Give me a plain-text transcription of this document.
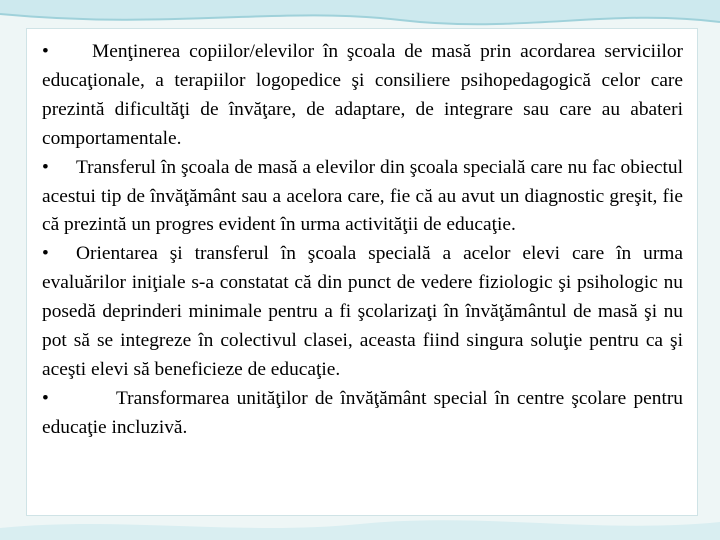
• Menţinerea copiilor/elevilor în şcoala de masă prin acordarea serviciilor educaţionale, a terapiilor logopedice şi consiliere psihopedagogică celor care prezintă dificultăţi de învăţare, de adaptare, de integrare sau care au abateri comportamentale.

• Transferul în şcoala de masă a elevilor din şcoala specială care nu fac obiectul acestui tip de învăţământ sau a acelora care, fie că au avut un diagnostic greşit, fie că prezintă un progres evident în urma activităţii de educaţie.

• Orientarea şi transferul în şcoala specială a acelor elevi care în urma evaluărilor iniţiale s-a constatat că din punct de vedere fiziologic şi psihologic nu posedă deprinderi minimale pentru a fi şcolarizaţi în învăţământul de masă şi nu pot să se integreze în colectivul clasei, aceasta fiind singura soluţie pentru ca şi aceşti elevi să beneficieze de educaţie.

•	Transformarea unităţilor de învăţământ special în centre şcolare pentru educaţie incluzivă.
